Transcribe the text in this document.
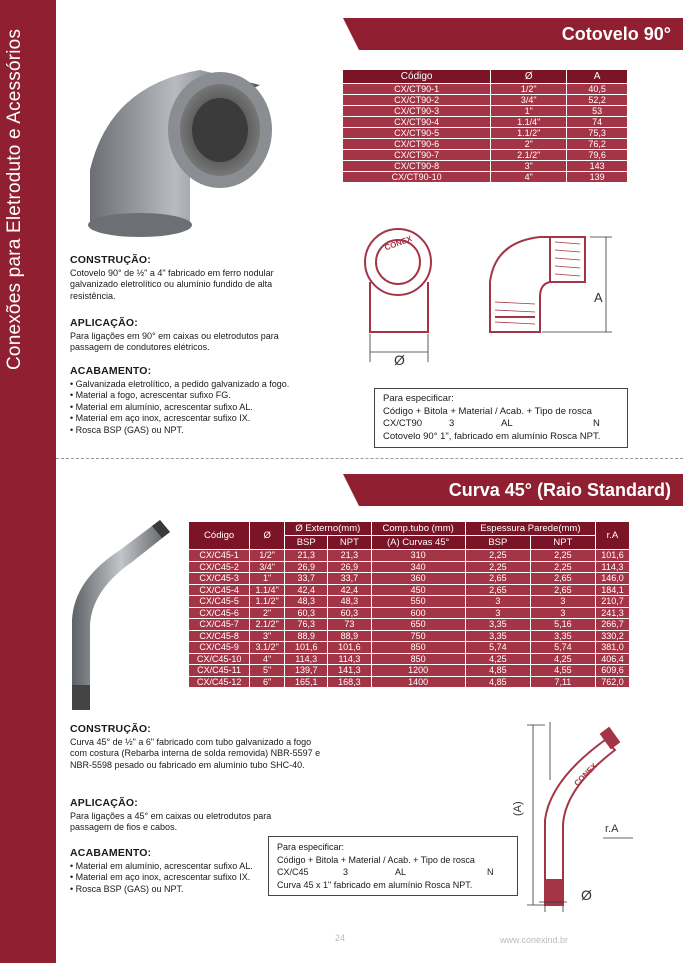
Conexões para Eletroduto e Acessórios	Cotovelo 90°
Código	Ø	A
CX/CT90-1	1/2"	40,5
CX/CT90-2	3/4"	52,2
CX/CT90-3	1"	53
CX/CT90-4	1.1/4"	74
CX/CT90-5	1.1/2"	75,3
CX/CT90-6	2"	76,2
CX/CT90-7	2.1/2"	79,6
CX/CT90-8	3"	143
CX/CT90-10	4"	139
CONSTRUÇÃO:
Cotovelo 90° de ½" a 4" fabricado em ferro nodular galvanizado eletrolítico ou alumínio fundido de alta resistência.
APLICAÇÃO:
Para ligações em 90° em caixas ou eletrodutos para passagem de condutores elétricos.
ACABAMENTO:
• Galvanizada eletrolítico, a pedido galvanizado a fogo.
• Material a fogo, acrescentar sufixo FG.
• Material em alumínio, acrescentar sufixo AL.
• Material em aço inox, acrescentar sufixo IX.
• Rosca BSP (GAS) ou NPT.
CONEX
Ø
A
Para especificar:
Código + Bitola + Material / Acab. + Tipo de rosca
CX/CT90	3	AL	N
Cotovelo 90° 1", fabricado em alumínio Rosca NPT.
Curva 45° (Raio Standard)
Código	Ø	Ø Externo(mm)		Comp.tubo (mm)	Espessura Parede(mm)		r.A
		BSP	NPT	(A) Curvas 45°	BSP	NPT	
CX/C45-1	1/2"	21,3	21,3	310	2,25	2,25	101,6
CX/C45-2	3/4"	26,9	26,9	340	2,25	2,25	114,3
CX/C45-3	1"	33,7	33,7	360	2,65	2,65	146,0
CX/C45-4	1.1/4"	42,4	42,4	450	2,65	2,65	184,1
CX/C45-5	1.1/2"	48,3	48,3	550	3	3	210,7
CX/C45-6	2"	60,3	60,3	600	3	3	241,3
CX/C45-7	2.1/2"	76,3	73	650	3,35	5,16	266,7
CX/C45-8	3"	88,9	88,9	750	3,35	3,35	330,2
CX/C45-9	3.1/2"	101,6	101,6	850	5,74	5,74	381,0
CX/C45-10	4"	114,3	114,3	850	4,25	4,25	406,4
CX/C45-11	5"	139,7	141,3	1200	4,85	4,55	609,6
CX/C45-12	6"	165,1	168,3	1400	4,85	7,11	762,0
CONSTRUÇÃO:
Curva 45° de ½" a 6" fabricado com tubo galvanizado a fogo com costura (Rebarba interna de solda removida) NBR-5597 e NBR-5598 pesado ou fabricado em alumínio tubo SHC-40.
APLICAÇÃO:
Para ligações a 45° em caixas ou eletrodutos para passagem de fios e cabos.
ACABAMENTO:
• Material em alumínio, acrescentar sufixo AL.
• Material em aço inox, acrescentar sufixo IX.
• Rosca BSP (GAS) ou NPT.
Para especificar:
Código + Bitola + Material / Acab. + Tipo de rosca
CX/C45	3	AL	N
Curva 45 x 1" fabricado em alumínio Rosca NPT.
CONEX
(A)
r.A
Ø
24	www.conexind.br
